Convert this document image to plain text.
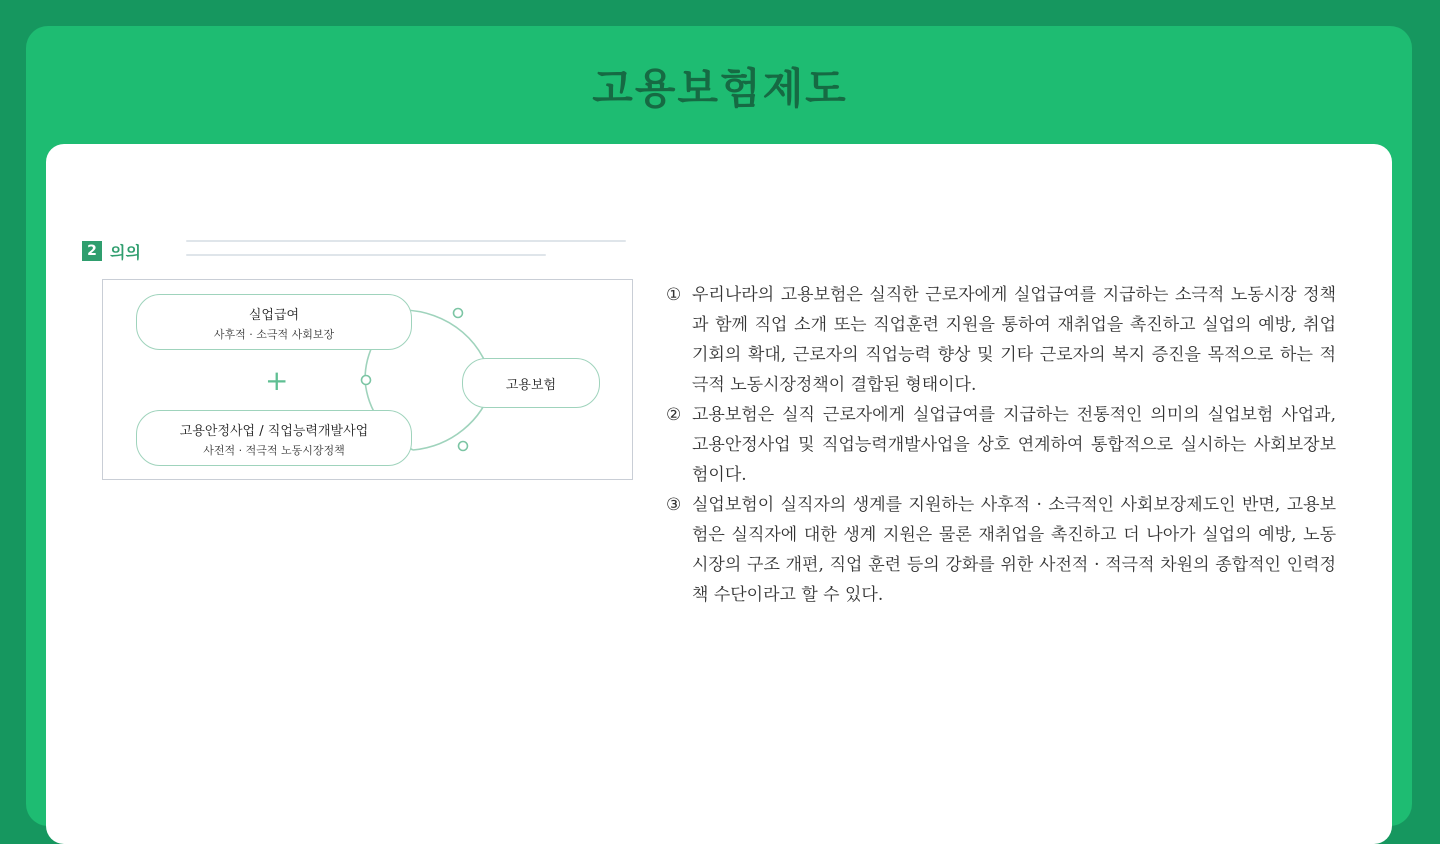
고용보험제도
2 의의
실업급여
사후적 · 소극적 사회보장
+
고용안정사업 / 직업능력개발사업
사전적 · 적극적 노동시장정책
고용보험

① 우리나라의 고용보험은 실직한 근로자에게 실업급여를 지급하는 소극적 노동시장 정책과 함께 직업 소개 또는 직업훈련 지원을 통하여 재취업을 촉진하고 실업의 예방, 취업 기회의 확대, 근로자의 직업능력 향상 및 기타 근로자의 복지 증진을 목적으로 하는 적극적 노동시장정책이 결합된 형태이다.

② 고용보험은 실직 근로자에게 실업급여를 지급하는 전통적인 의미의 실업보험 사업과, 고용안정사업 및 직업능력개발사업을 상호 연계하여 통합적으로 실시하는 사회보장보험이다.

③ 실업보험이 실직자의 생계를 지원하는 사후적 · 소극적인 사회보장제도인 반면, 고용보험은 실직자에 대한 생계 지원은 물론 재취업을 촉진하고 더 나아가 실업의 예방, 노동시장의 구조 개편, 직업 훈련 등의 강화를 위한 사전적 · 적극적 차원의 종합적인 인력정책 수단이라고 할 수 있다.
